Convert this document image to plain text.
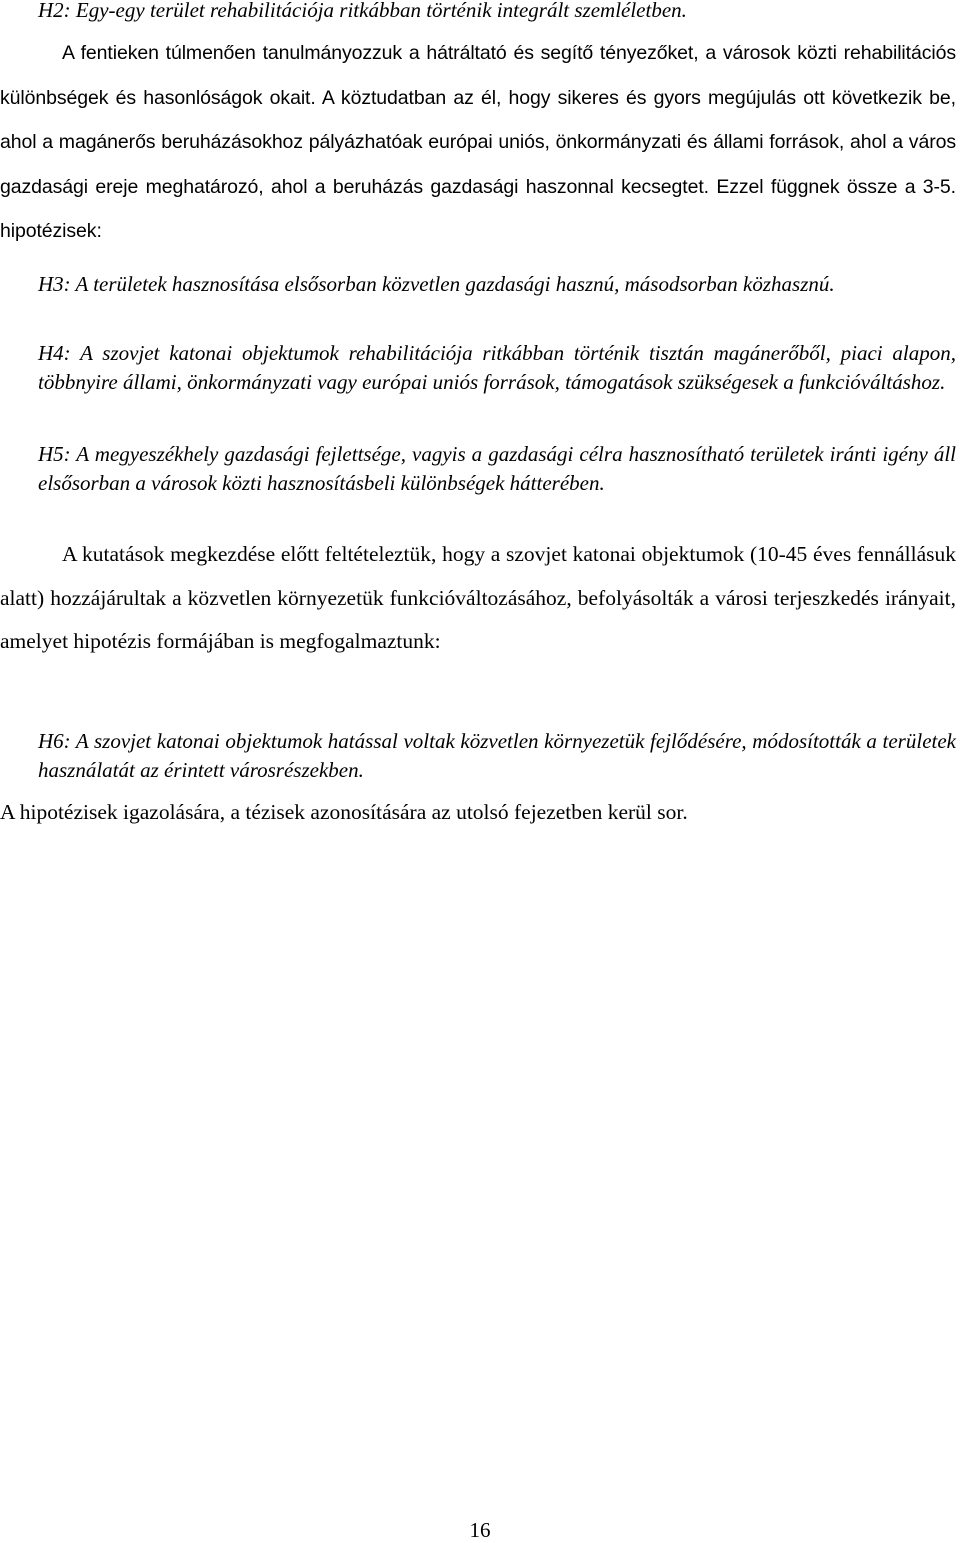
H2: Egy-egy terület rehabilitációja ritkábban történik integrált szemléletben.

A fentieken túlmenően tanulmányozzuk a hátráltató és segítő tényezőket, a városok közti rehabilitációs különbségek és hasonlóságok okait. A köztudatban az él, hogy sikeres és gyors megújulás ott következik be, ahol a magánerős beruházásokhoz pályázhatóak európai uniós, önkormányzati és állami források, ahol a város gazdasági ereje meghatározó, ahol a beruházás gazdasági haszonnal kecsegtet. Ezzel függnek össze a 3-5. hipotézisek:

H3: A területek hasznosítása elsősorban közvetlen gazdasági hasznú, másodsorban közhasznú.

H4: A szovjet katonai objektumok rehabilitációja ritkábban történik tisztán magánerőből, piaci alapon, többnyire állami, önkormányzati vagy európai uniós források, támogatások szükségesek a funkcióváltáshoz.

H5: A megyeszékhely gazdasági fejlettsége, vagyis a gazdasági célra hasznosítható területek iránti igény áll elsősorban a városok közti hasznosításbeli különbségek hátterében.

A kutatások megkezdése előtt feltételeztük, hogy a szovjet katonai objektumok (10-45 éves fennállásuk alatt) hozzájárultak a közvetlen környezetük funkcióváltozásához, befolyásolták a városi terjeszkedés irányait, amelyet hipotézis formájában is megfogalmaztunk:

H6: A szovjet katonai objektumok hatással voltak közvetlen környezetük fejlődésére, módosították a területek használatát az érintett városrészekben.

A hipotézisek igazolására, a tézisek azonosítására az utolsó fejezetben kerül sor.

16
